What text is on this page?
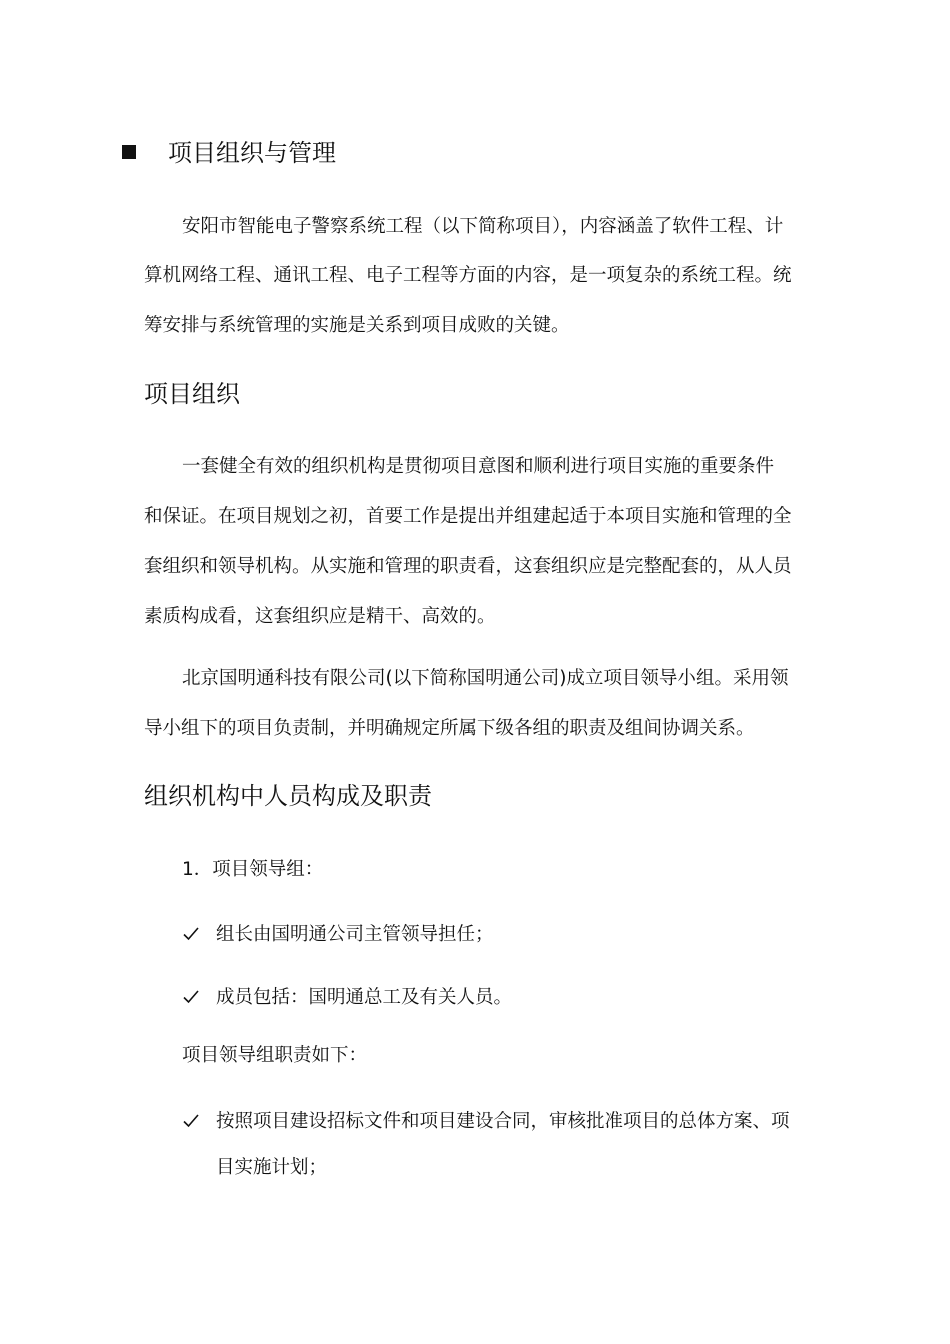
项目组织与管理
安阳市智能电子警察系统工程（以下简称项目），内容涵盖了软件工程、计
算机网络工程、通讯工程、电子工程等方面的内容，是一项复杂的系统工程。统
筹安排与系统管理的实施是关系到项目成败的关键。
项目组织
一套健全有效的组织机构是贯彻项目意图和顺利进行项目实施的重要条件
和保证。在项目规划之初，首要工作是提出并组建起适于本项目实施和管理的全
套组织和领导机构。从实施和管理的职责看，这套组织应是完整配套的，从人员
素质构成看，这套组织应是精干、高效的。
北京国明通科技有限公司(以下简称国明通公司)成立项目领导小组。采用领
导小组下的项目负责制，并明确规定所属下级各组的职责及组间协调关系。
组织机构中人员构成及职责
1．项目领导组：
组长由国明通公司主管领导担任；
成员包括：国明通总工及有关人员。
项目领导组职责如下：
按照项目建设招标文件和项目建设合同，审核批准项目的总体方案、项
目实施计划；
